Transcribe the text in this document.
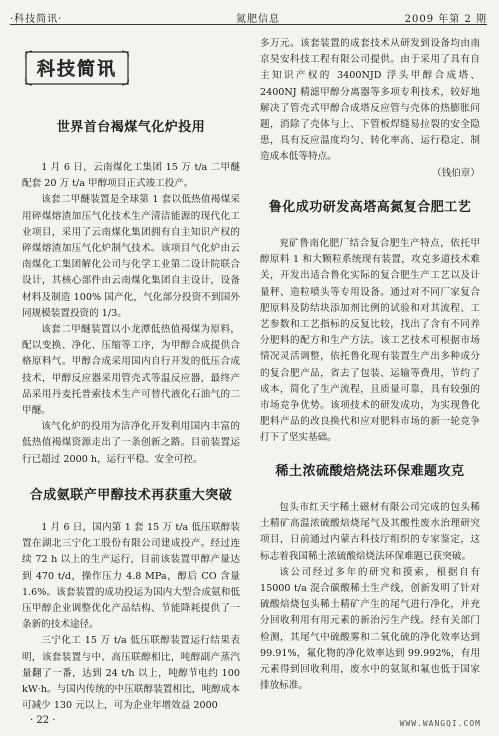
·科技简讯·	氮肥信息	2009 年第 2 期
科技简讯
世界首台褐煤气化炉投用

1 月 6 日，云南煤化工集团 15 万 t/a 二甲醚配套 20 万 t/a 甲醇项目正式竣工投产。

该套二甲醚装置是全球第 1 套以低热值褐煤采用碎煤熔渣加压气化技术生产清洁能源的现代化工业项目，采用了云南煤化集团拥有自主知识产权的碎煤熔渣加压气化炉制气技术。该项目气化炉由云南煤化工集团解化公司与化学工业第二设计院联合设计，其核心部件由云南煤化集团自主设计，设备材料及制造 100% 国产化，气化部分投资不到国外同规模装置投资的 1/3。

该套二甲醚装置以小龙潭低热值褐煤为原料，配以变换、净化、压缩等工序，为甲醇合成提供合格原料气。甲醇合成采用国内自行开发的低压合成技术，甲醇反应器采用管壳式等温反应器，最终产品采用丹麦托普索技术生产可替代液化石油气的二甲醚。

该气化炉的投用为洁净化开发利用国内丰富的低热值褐煤资源走出了一条创新之路。目前装置运行已超过 2000 h，运行平稳、安全可控。

合成氨联产甲醇技术再获重大突破

1 月 6 日，国内第 1 套 15 万 t/a 低压联醇装置在湖北三宁化工股份有限公司建成投产。经过连续 72 h 以上的生产运行，目前该装置甲醇产量达到 470 t/d，操作压力 4.8 MPa，醇后 CO 含量 1.6%。该套装置的成功投运为国内大型合成氨和低压甲醇企业调整优化产品结构、节能降耗提供了一条新的技术途径。

三宁化工 15 万 t/a 低压联醇装置运行结果表明，该套装置与中、高压联醇相比，吨醇副产蒸汽量翻了一番，达到 24 t/h 以上，吨醇节电约 100 kW·h。与国内传统的中压联醇装置相比，吨醇成本可减少 130 元以上，可为企业年增效益 2000

多万元。该套装置的成套技术从研发到设备均由南京昊安科技工程有限公司提供。由于采用了具有自主知识产权的 3400NJD 浮头甲醇合成塔、2400NJ 精滤甲醇分离器等多项专利技术，较好地解决了管壳式甲醇合成塔反应管与壳体的热膨胀问题，消除了壳体与上、下管板焊缝易拉裂的安全隐患，具有反应温度均匀、转化率高、运行稳定、制造成本低等特点。

（钱伯章）

鲁化成功研发高塔高氮复合肥工艺

兖矿鲁南化肥厂结合复合肥生产特点，依托甲醇原料 1 和大颗粒系统现有装置，攻克多道技术难关，开发出适合鲁化实际的复合肥生产工艺以及计量秤、造粒喷头等专用设备。通过对不同厂家复合肥原料及防结块添加剂比例的试验和对其流程、工艺参数和工艺指标的反复比较，找出了含有不同养分肥料的配方和生产方法。该工艺技术可根据市场情况灵活调整，依托鲁化现有装置生产出多种成分的复合肥产品，省去了包装、运输等费用，节约了成本，简化了生产流程，且质量可靠，具有较强的市场竞争优势。该项技术的研发成功，为实现鲁化肥料产品的改良换代和应对肥料市场的新一轮竞争打下了坚实基础。

稀土浓硫酸焙烧法环保难题攻克

包头市红天宇稀土磁材有限公司完成的包头稀土精矿高温浓硫酸焙烧尾气及其酸性废水治理研究项目，日前通过内蒙古科技厅组织的专家鉴定，这标志着我国稀土浓硫酸焙烧法环保难题已获突破。

该公司经过多年的研究和摸索，根据自有 15000 t/a 混合碳酸稀土生产线，创新发明了针对硫酸焙烧包头稀土精矿产生的尾气进行净化，并充分回收利用有用元素的新治污生产线。经有关部门检测，其尾气中硫酸雾和二氧化硫的净化效率达到 99.91%，氟化物的净化效率达到 99.992%，有用元素得到回收利用，废水中的氨氮和氟也低于国家排放标准。

· 22 ·	WWW.WANGQI.COM
